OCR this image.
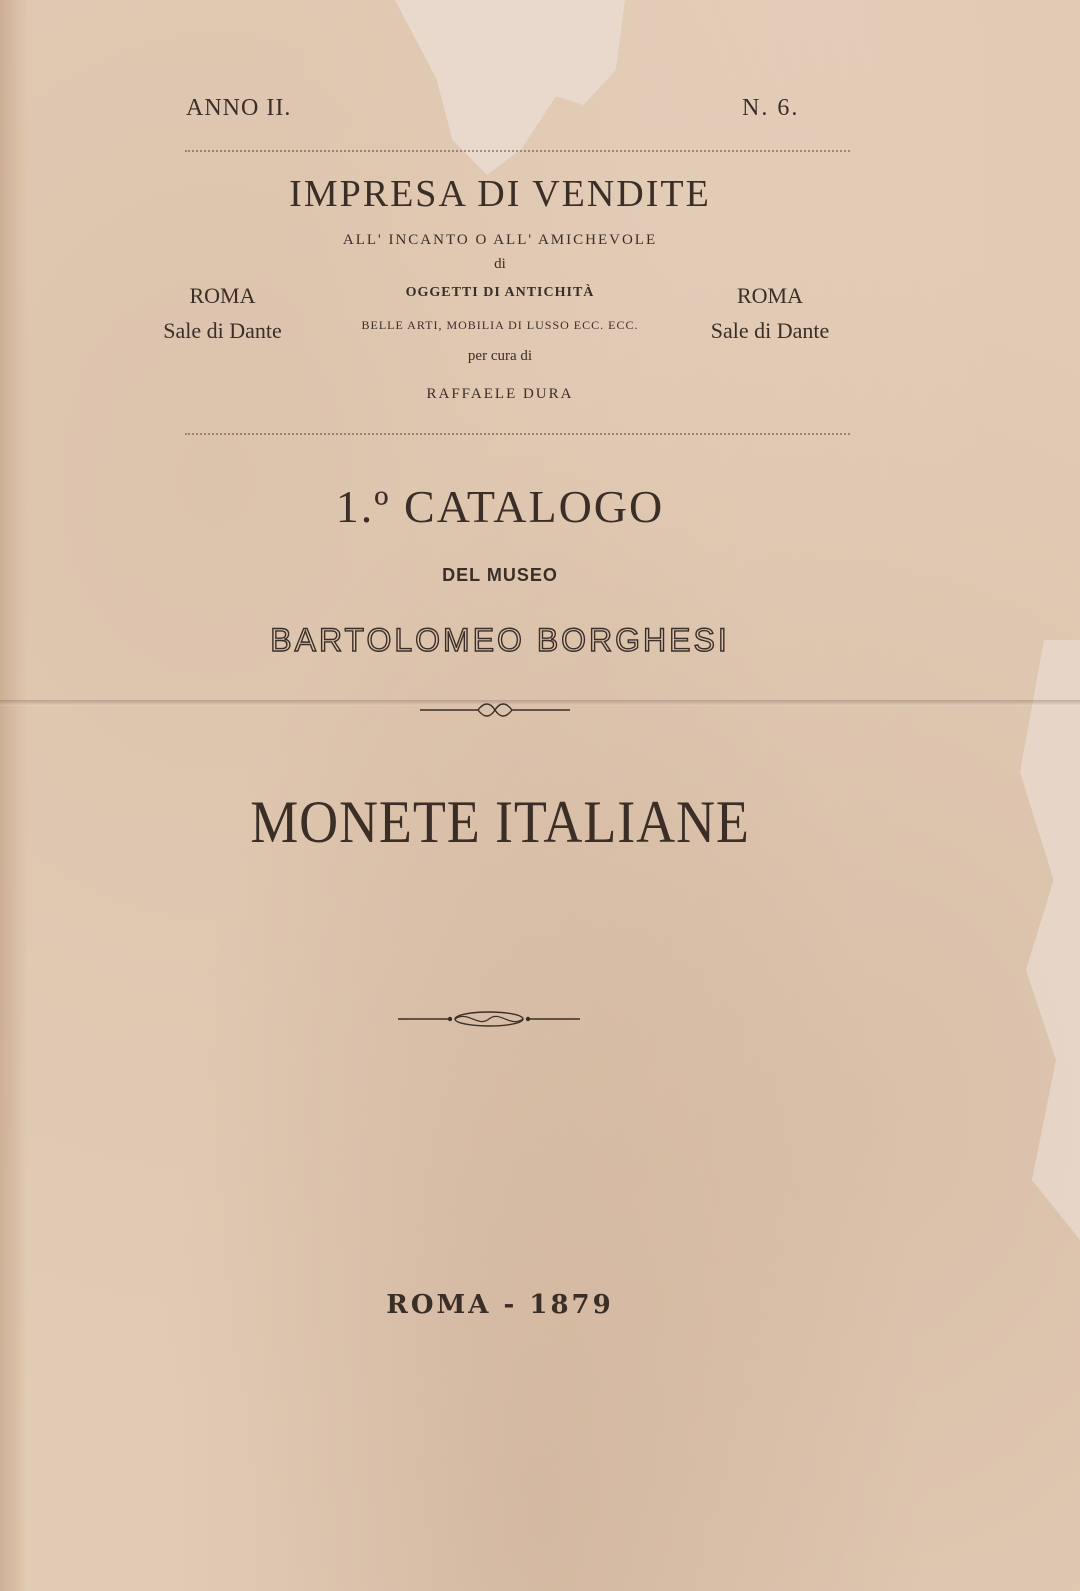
ANNO II.	N. 6.
IMPRESA DI VENDITE
ALL' INCANTO O ALL' AMICHEVOLE
di
OGGETTI DI ANTICHITÀ
BELLE ARTI, MOBILIA DI LUSSO ECC. ECC.
per cura di
RAFFAELE DURA
ROMA
Sale di Dante
ROMA
Sale di Dante
1.º CATALOGO
DEL MUSEO
BARTOLOMEO BORGHESI
MONETE ITALIANE
ROMA - 1879
